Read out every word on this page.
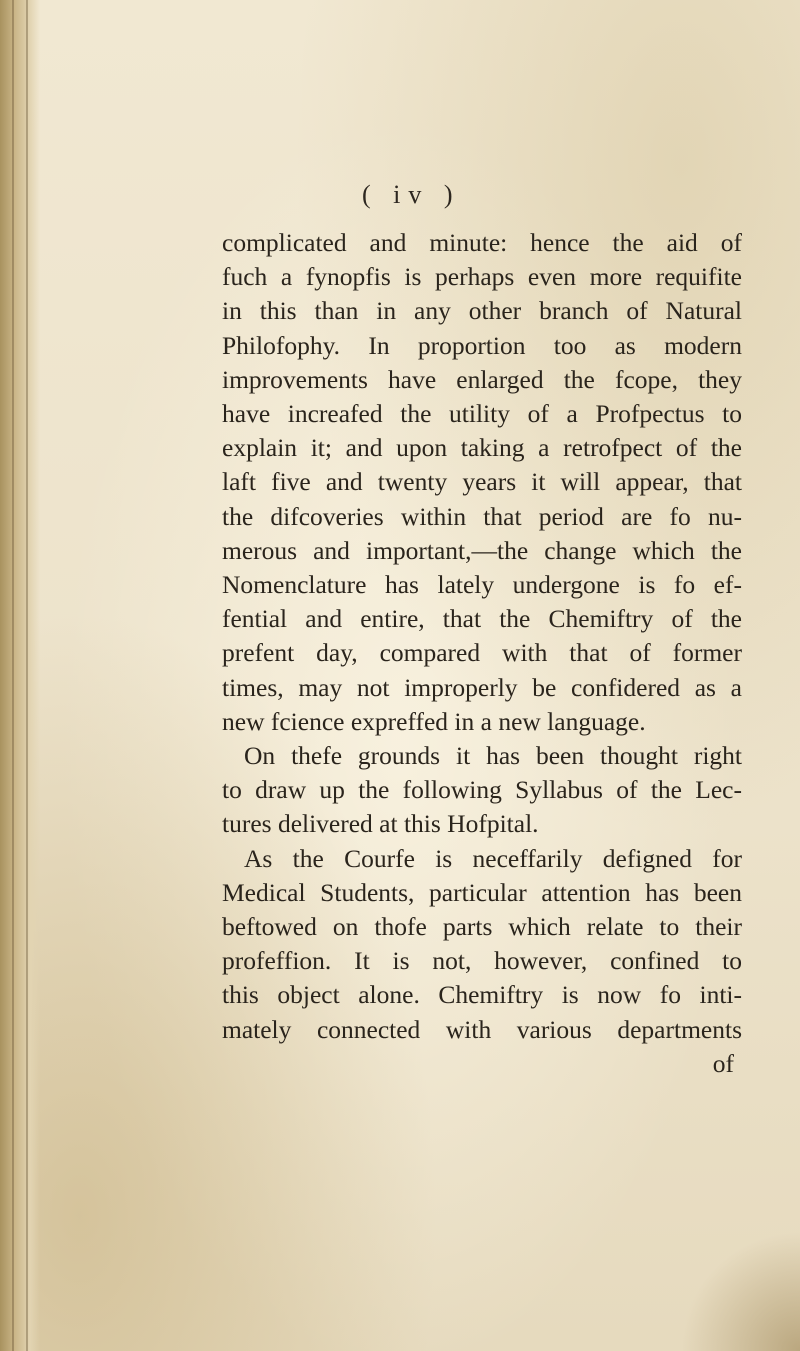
( iv )
complicated and minute: hence the aid of
fuch a fynopfis is perhaps even more requifite
in this than in any other branch of Natural
Philofophy. In proportion too as modern
improvements have enlarged the fcope, they
have increafed the utility of a Profpectus to
explain it; and upon taking a retrofpect of the
laft five and twenty years it will appear, that
the difcoveries within that period are fo nu-
merous and important,—the change which the
Nomenclature has lately undergone is fo ef-
fential and entire, that the Chemiftry of the
prefent day, compared with that of former
times, may not improperly be confidered as a
new fcience expreffed in a new language.
On thefe grounds it has been thought right
to draw up the following Syllabus of the Lec-
tures delivered at this Hofpital.
As the Courfe is neceffarily defigned for
Medical Students, particular attention has been
beftowed on thofe parts which relate to their
profeffion. It is not, however, confined to
this object alone. Chemiftry is now fo inti-
mately connected with various departments
of
